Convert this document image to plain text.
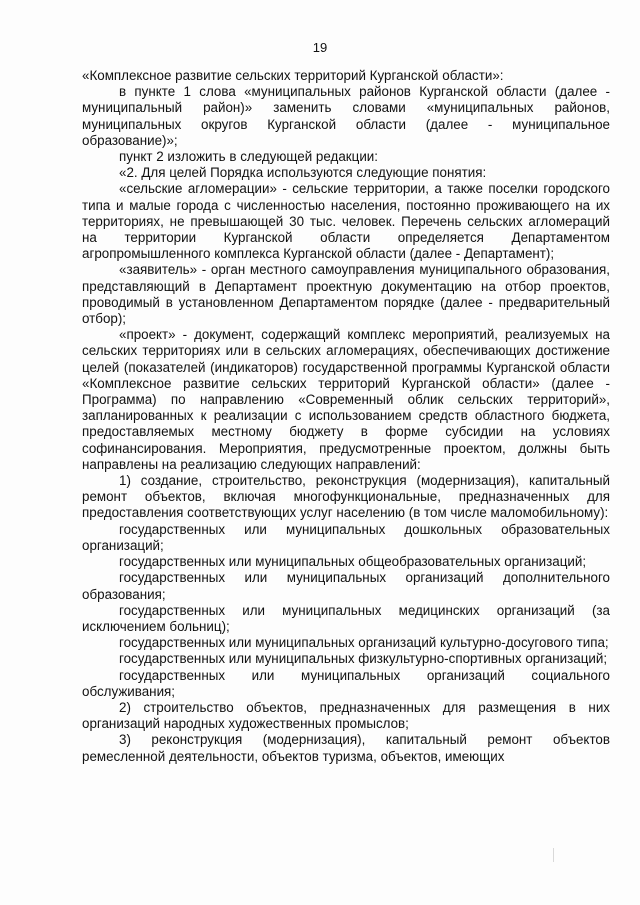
19

«Комплексное развитие сельских территорий Курганской области»:

в пункте 1 слова «муниципальных районов Курганской области (далее - муниципальный район)» заменить словами «муниципальных районов, муниципальных округов Курганской области (далее - муниципальное образование)»;

пункт 2 изложить в следующей редакции:

«2. Для целей Порядка используются следующие понятия:

«сельские агломерации» - сельские территории, а также поселки городского типа и малые города с численностью населения, постоянно проживающего на их территориях, не превышающей 30 тыс. человек. Перечень сельских агломераций на территории Курганской области определяется Департаментом агропромышленного комплекса Курганской области (далее - Департамент);

«заявитель» - орган местного самоуправления муниципального образования, представляющий в Департамент проектную документацию на отбор проектов, проводимый в установленном Департаментом порядке (далее - предварительный отбор);

«проект» - документ, содержащий комплекс мероприятий, реализуемых на сельских территориях или в сельских агломерациях, обеспечивающих достижение целей (показателей (индикаторов) государственной программы Курганской области «Комплексное развитие сельских территорий Курганской области» (далее - Программа) по направлению «Современный облик сельских территорий», запланированных к реализации с использованием средств областного бюджета, предоставляемых местному бюджету в форме субсидии на условиях софинансирования. Мероприятия, предусмотренные проектом, должны быть направлены на реализацию следующих направлений:

1) создание, строительство, реконструкция (модернизация), капитальный ремонт объектов, включая многофункциональные, предназначенных для предоставления соответствующих услуг населению (в том числе маломобильному):

государственных или муниципальных дошкольных образовательных организаций;

государственных или муниципальных общеобразовательных организаций;

государственных или муниципальных организаций дополнительного образования;

государственных или муниципальных медицинских организаций (за исключением больниц);

государственных или муниципальных организаций культурно-досугового типа;

государственных или муниципальных физкультурно-спортивных организаций;

государственных или муниципальных организаций социального обслуживания;

2) строительство объектов, предназначенных для размещения в них организаций народных художественных промыслов;

3) реконструкция (модернизация), капитальный ремонт объектов ремесленной деятельности, объектов туризма, объектов, имеющих
